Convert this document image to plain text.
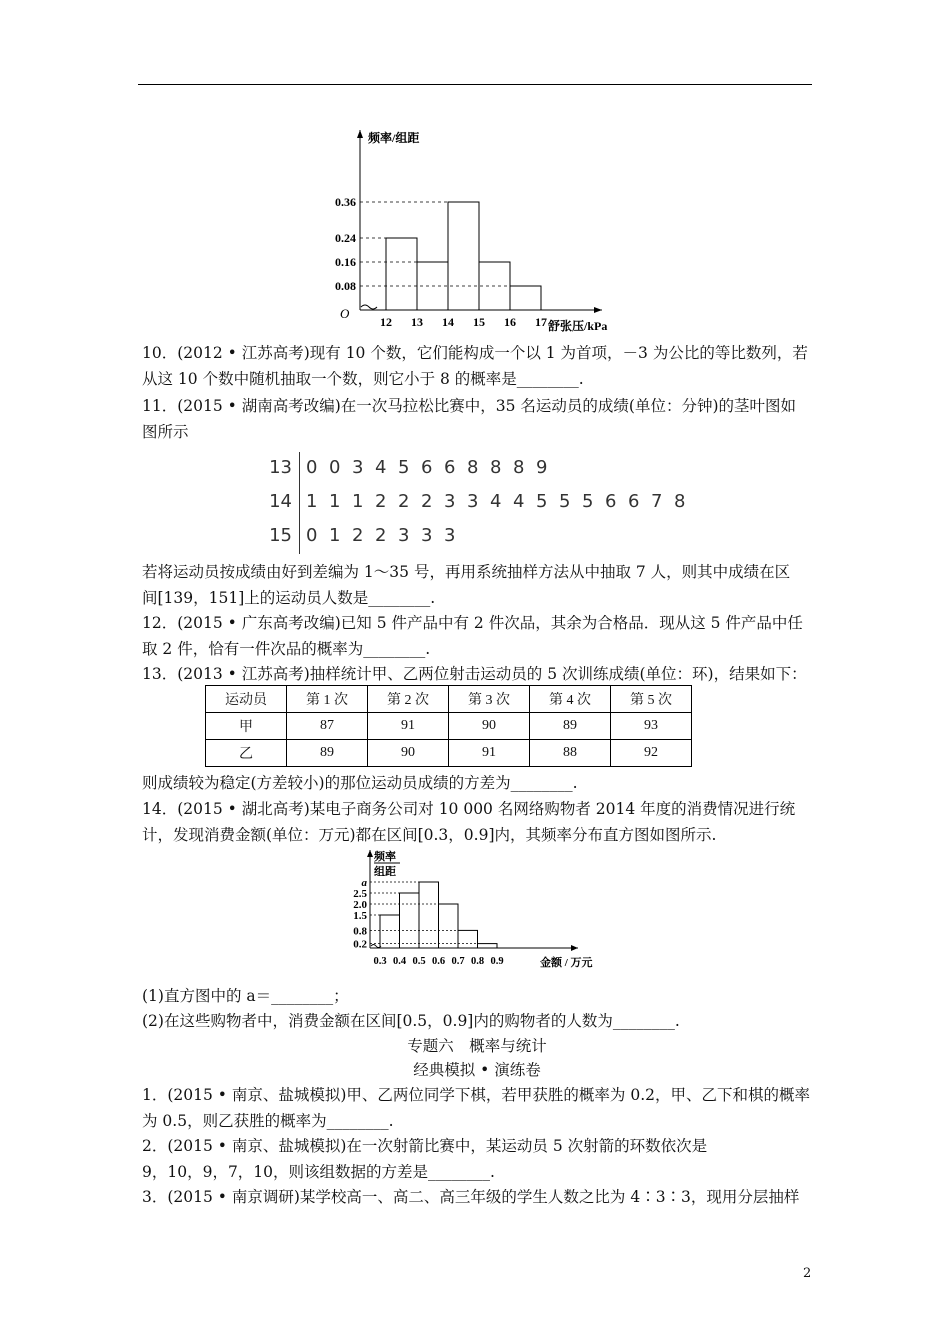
O
频率/组距
舒张压/kPa
0.36
0.24
0.16
0.08
12 13 14 15 16 17
10．(2012 • 江苏高考)现有 10 个数，它们能构成一个以 1 为首项，－3 为公比的等比数列，若
从这 10 个数中随机抽取一个数，则它小于 8 的概率是________.
11．(2015 • 湖南高考改编)在一次马拉松比赛中，35 名运动员的成绩(单位：分钟)的茎叶图如
图所示
13 0 0 3 4 5 6 6 8 8 8 9
14 1 1 1 2 2 2 3 3 4 4 5 5 5 6 6 7 8
15 0 1 2 2 3 3 3
若将运动员按成绩由好到差编为 1～35 号，再用系统抽样方法从中抽取 7 人，则其中成绩在区
间[139，151]上的运动员人数是________.
12．(2015 • 广东高考改编)已知 5 件产品中有 2 件次品，其余为合格品．现从这 5 件产品中任
取 2 件，恰有一件次品的概率为________.
13．(2013 • 江苏高考)抽样统计甲、乙两位射击运动员的 5 次训练成绩(单位：环)，结果如下：
运动员	第 1 次	第 2 次	第 3 次	第 4 次	第 5 次
甲	87	91	90	89	93
乙	89	90	91	88	92
则成绩较为稳定(方差较小)的那位运动员成绩的方差为________.
14．(2015 • 湖北高考)某电子商务公司对 10 000 名网络购物者 2014 年度的消费情况进行统
计，发现消费金额(单位：万元)都在区间[0.3，0.9]内，其频率分布直方图如图所示.
频率
组距
金额 / 万元
a
2.5
2.0
1.5
0.8
0.2
0.3 0.4 0.5 0.6 0.7 0.8 0.9
(1)直方图中的 a＝________；
(2)在这些购物者中，消费金额在区间[0.5，0.9]内的购物者的人数为________.
专题六　概率与统计
经典模拟 • 演练卷
1．(2015 • 南京、盐城模拟)甲、乙两位同学下棋，若甲获胜的概率为 0.2，甲、乙下和棋的概率
为 0.5，则乙获胜的概率为________.
2．(2015 • 南京、盐城模拟)在一次射箭比赛中，某运动员 5 次射箭的环数依次是
9，10，9，7，10，则该组数据的方差是________.
3．(2015 • 南京调研)某学校高一、高二、高三年级的学生人数之比为 4∶3∶3，现用分层抽样
2
